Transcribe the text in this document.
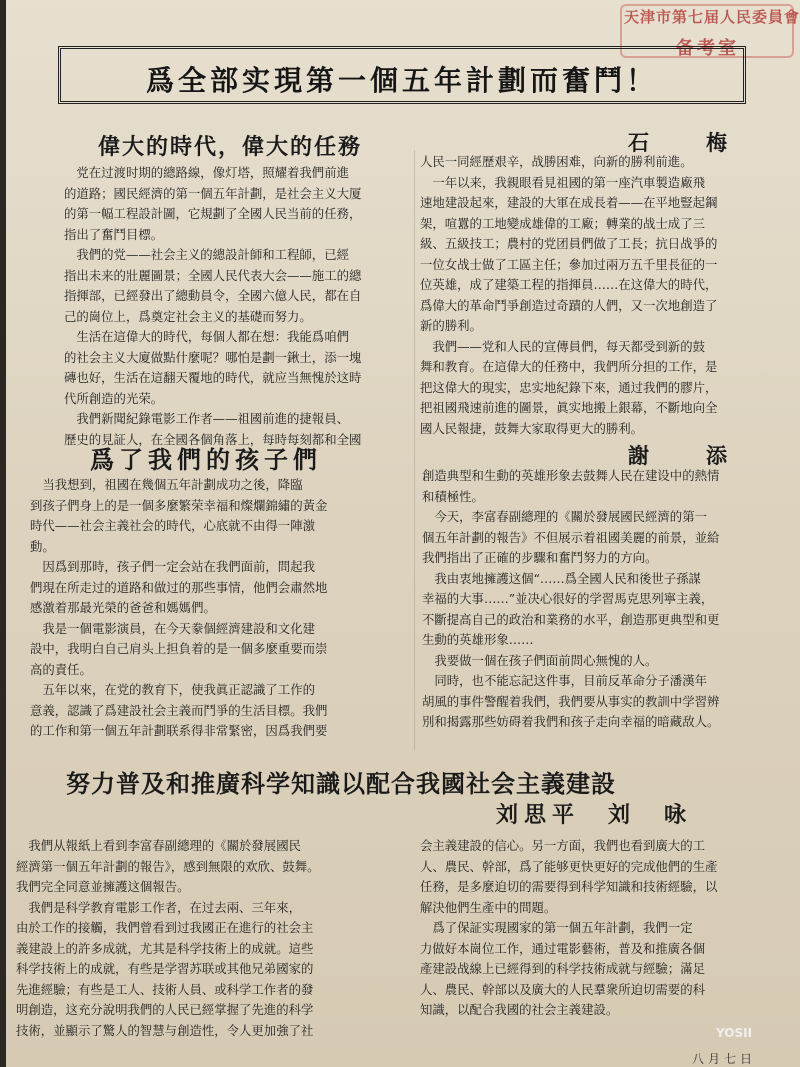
天津市第七届人民委員會
备考室
爲全部实現第一個五年計劃而奮鬥！
偉大的時代，偉大的任務	石　梅

　党在过渡时期的總路線，像灯塔，照耀着我們前進

的道路；國民經濟的第一個五年計劃，是社会主义大厦

的第一幅工程設計圖，它規劃了全國人民当前的任務，

指出了奮鬥目標。

　我們的党——社会主义的總設計師和工程師，已經

指出未来的壯麗圖景；全國人民代表大会——施工的總

指揮部，已經發出了總動員令，全國六億人民，都在自

己的崗位上，爲奠定社会主义的基礎而努力。

　生活在這偉大的時代，每個人都在想：我能爲咱們

的社会主义大廈做點什麼呢？哪怕是劃一鍬土，添一塊

磚也好，生活在這翻天覆地的時代，就应当無愧於这時

代所創造的光荣。

　我們新聞紀錄電影工作者——祖國前進的捷報員、

歷史的見証人，在全國各個角落上，每時每刻都和全國

人民一同經歷艰辛，战勝困难，向新的勝利前進。

　一年以来，我親眼看見祖國的第一座汽車製造廠飛

速地建設起來，建設的大軍在成長着——在平地豎起鋼

架，喧囂的工地變成雄偉的工廠；轉業的战士成了三

級、五級技工；農村的党团員們做了工長；抗日战爭的

一位女战士做了工區主任；參加过兩万五千里長征的一

位英雄，成了建築工程的指揮員……在这偉大的時代，

爲偉大的革命鬥爭創造过奇蹟的人們，又一次地創造了

新的勝利。

　我們——党和人民的宣傳員們，每天都受到新的鼓

舞和教育。在這偉大的任務中，我們所分担的工作，是

把这偉大的現实，忠实地紀錄下來，通过我們的膠片，

把祖國飛速前進的圖景，眞实地搬上銀幕，不斷地向全

國人民報捷，鼓舞大家取得更大的勝利。

爲了我們的孩子們	謝　添

　当我想到，祖國在幾個五年計劃成功之後，降臨

到孩子們身上的是一個多麼繁荣幸福和燦爛錦繡的黃金

時代——社会主義社会的時代，心底就不由得一陣激

動。

　因爲到那時，孩子們一定会站在我們面前，問起我

們現在所走过的道路和做过的那些事情，他們会肅然地

感激着那最光榮的爸爸和媽媽們。

　我是一個電影演員，在今天豢個經濟建設和文化建

設中，我明白自己肩头上担負着的是一個多麼重要而崇

高的責任。

　五年以來，在党的教育下，使我眞正認識了工作的

意義，認識了爲建設社会主義而鬥爭的生活目標。我們

的工作和第一個五年計劃联系得非常緊密，因爲我們要

創造典型和生動的英雄形象去鼓舞人民在建设中的熱情

和積極性。

　今天，李富春副總理的《關於發展國民經濟的第一

個五年計劃的報告》不但展示着祖國美麗的前景，並給

我們指出了正確的步驟和奮鬥努力的方向。

　我由衷地擁護这個“……爲全國人民和後世子孫謀

幸福的大事……”並决心很好的学習馬克思列寧主義，

不斷提高自己的政治和業務的水平，創造那更典型和更

生動的英雄形象……

　我要做一個在孩子們面前問心無愧的人。

　同時，也不能忘記这件事，目前反革命分子潘漢年

胡風的事件警醒着我們，我們要从事实的教訓中学習辨

別和揭露那些妨碍着我們和孩子走向幸福的暗藏敌人。

努力普及和推廣科学知識以配合我國社会主義建設
刘思平　刘　咏

　我們从報紙上看到李富春副總理的《關於發展國民

經濟第一個五年計劃的報告》，感到無限的欢欣、鼓舞。

我們完全同意並擁護这個報告。

　我們是科学教育電影工作者，在过去兩、三年來，

由於工作的接觸，我們曾看到过我國正在進行的社会主

義建設上的許多成就，尤其是科学技術上的成就。這些

科学技術上的成就，有些是学習苏联或其他兄弟國家的

先進經驗；有些是工人、技術人員、或科学工作者的發

明創造，这充分說明我們的人民已經掌握了先進的科学

技術，並顯示了驚人的智慧与創造性，令人更加強了社

会主義建設的信心。另一方面，我們也看到廣大的工

人、農民、幹部，爲了能够更快更好的完成他們的生產

任務，是多麼迫切的需要得到科学知識和技術經驗，以

解決他們生產中的問題。

　爲了保証实現國家的第一個五年計劃，我們一定

力做好本崗位工作，通过電影藝術，普及和推廣各個

產建設战線上已經得到的科学技術成就与經驗；滿足

人、農民、幹部以及廣大的人民羣衆所迫切需要的科

知識，以配合我國的社会主義建設。

八月七日
YOSII
